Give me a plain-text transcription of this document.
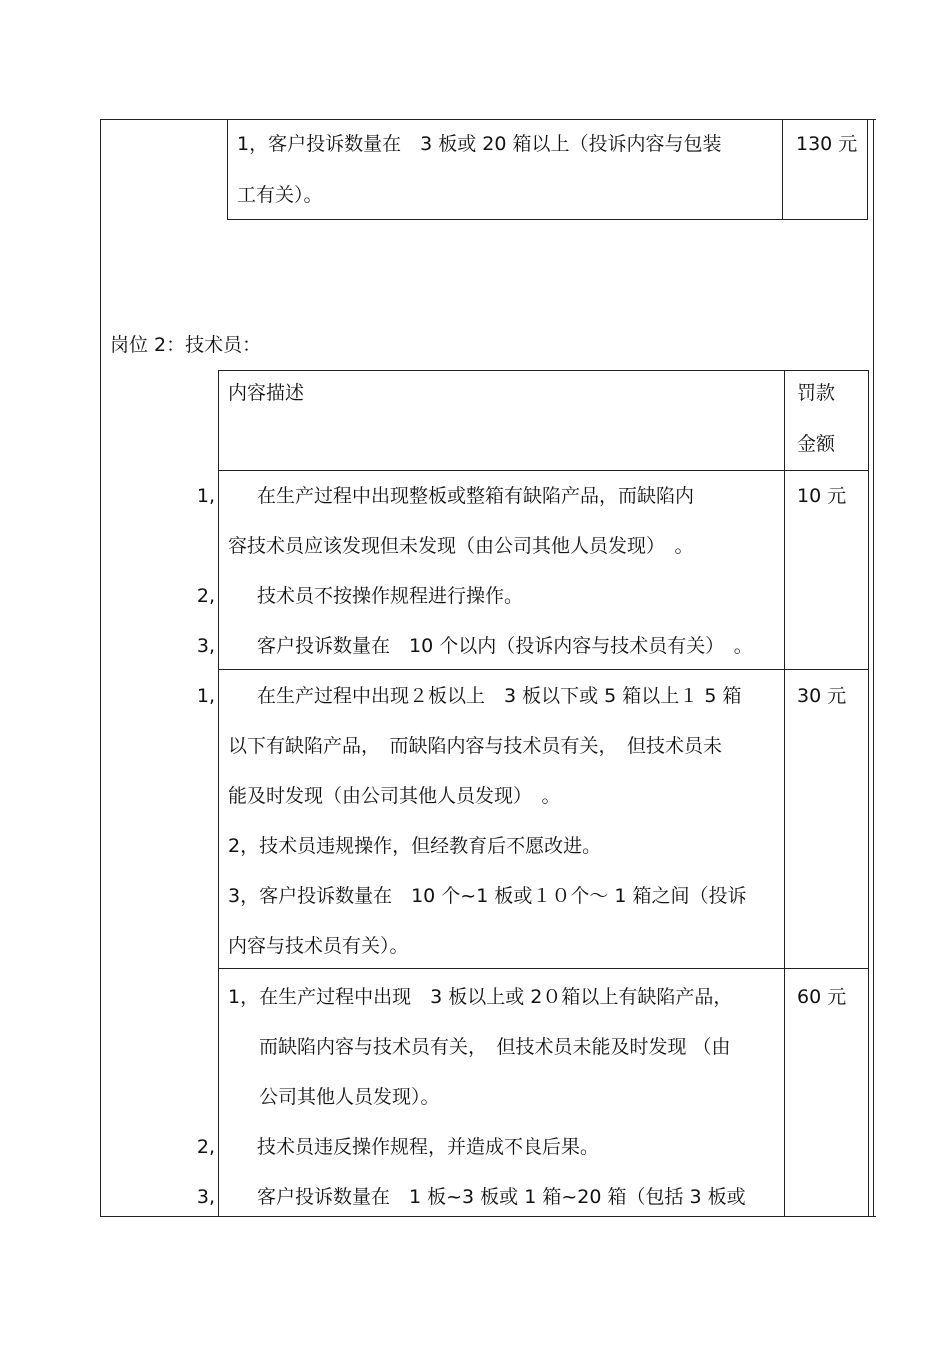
1，客户投诉数量在　3 板或 20 箱以上（投诉内容与包装
工有关）。
130 元
岗位 2：技术员：
内容描述	罚款
金额
1, 在生产过程中出现整板或整箱有缺陷产品，而缺陷内
容技术员应该发现但未发现（由公司其他人员发现）　。
2, 技术员不按操作规程进行操作。
3, 客户投诉数量在　10 个以内（投诉内容与技术员有关）　。
10 元
1, 在生产过程中出现２板以上　3 板以下或 5 箱以上１ 5 箱
以下有缺陷产品，　而缺陷内容与技术员有关，　但技术员未
能及时发现（由公司其他人员发现）　。
2，技术员违规操作，但经教育后不愿改进。
3，客户投诉数量在　10 个~1 板或１０个～ 1 箱之间（投诉
内容与技术员有关）。
30 元
1，在生产过程中出现　3 板以上或 2０箱以上有缺陷产品，
而缺陷内容与技术员有关，　但技术员未能及时发现 （由
公司其他人员发现）。
2, 技术员违反操作规程，并造成不良后果。
3, 客户投诉数量在　1 板~3 板或 1 箱~20 箱（包括 3 板或
60 元
